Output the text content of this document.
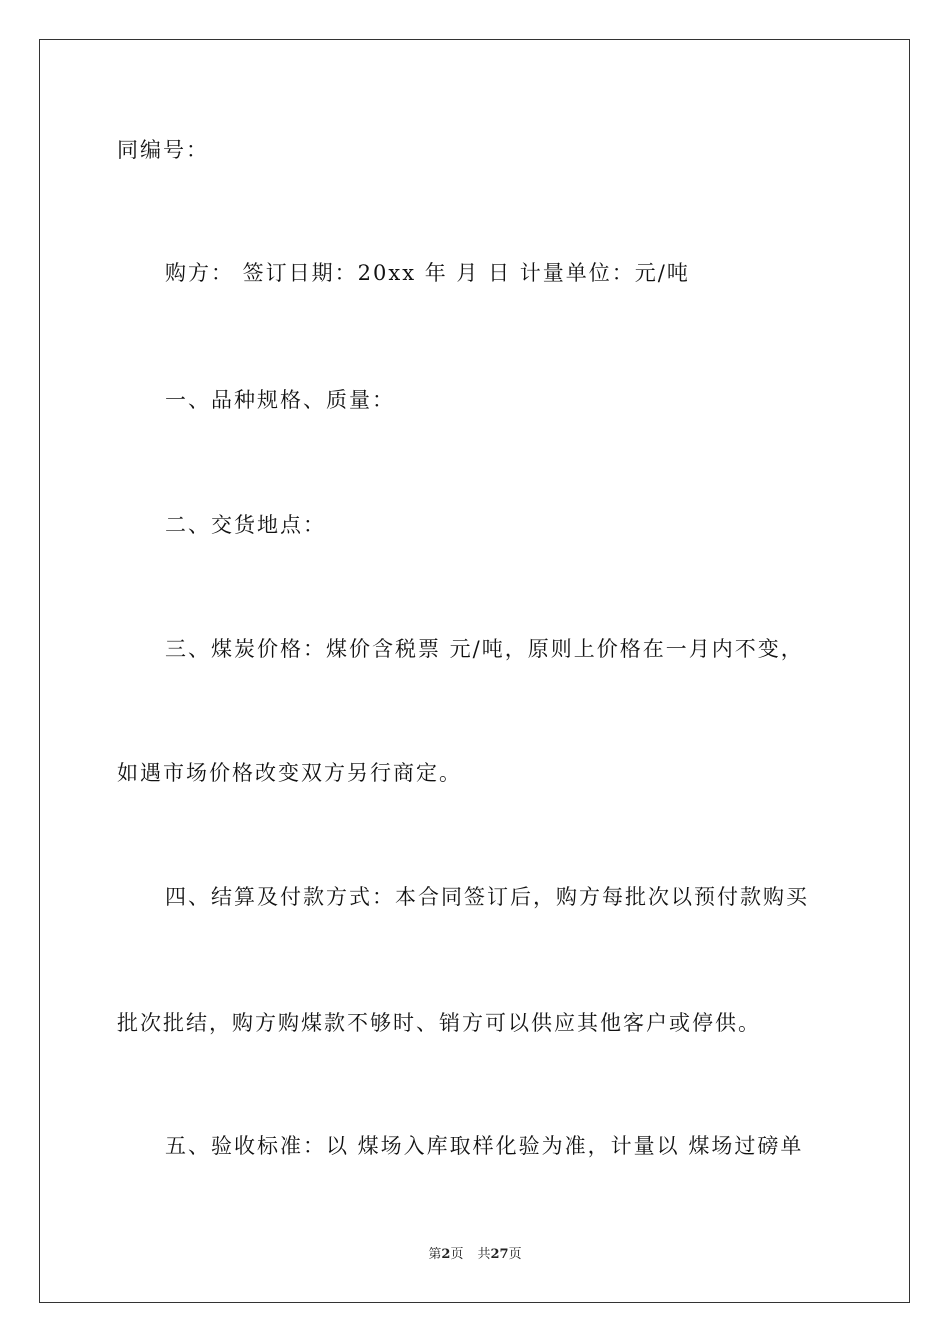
同编号：
购方： 签订日期：20xx 年 月 日 计量单位：元/吨
一、品种规格、质量：
二、交货地点：
三、煤炭价格：煤价含税票 元/吨，原则上价格在一月内不变，
如遇市场价格改变双方另行商定。
四、结算及付款方式：本合同签订后，购方每批次以预付款购买
批次批结，购方购煤款不够时、销方可以供应其他客户或停供。
五、验收标准：以 煤场入库取样化验为准，计量以 煤场过磅单
第2页 共27页
